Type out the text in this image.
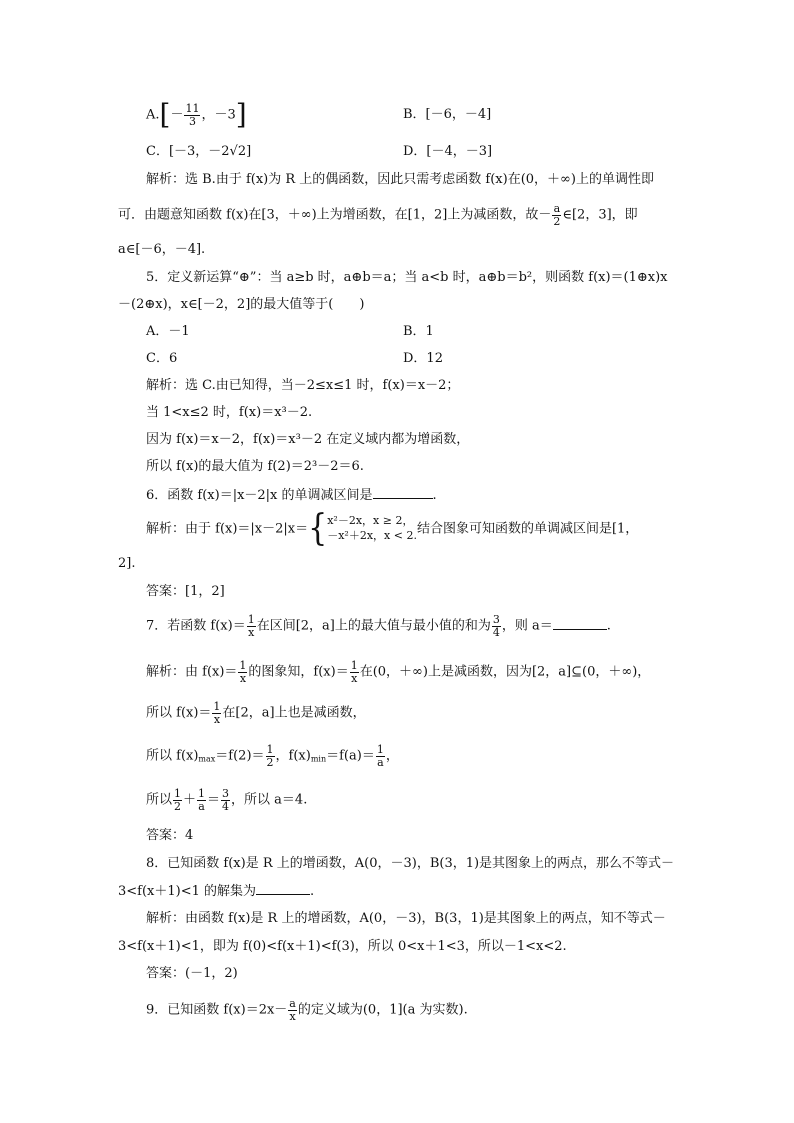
$A.[- \frac{11}{3}$ ，－3]	B．[－6，－4]
C．[－3，－2√2]	D．[－4，－3]
解析：选 B.由于 f(x)为 R 上的偶函数，因此只需考虑函数 f(x)在(0，＋∞)上的单调性即
可．由题意知函数 f(x)在[3，＋∞)上为增函数，在[1，2]上为减函数，故－ $\frac{a}{2}$ ∈[2，3]，即
a∈[－6，－4].
5．定义新运算“⊕”：当 a≥b 时，a⊕b＝a；当 a<b 时，a⊕b＝b²，则函数 f(x)＝(1⊕x)x
－(2⊕x)，x∈[－2，2]的最大值等于(　　)
A．－1	B．1
C．6	D．12
解析：选 C.由已知得，当－2≤x≤1 时，f(x)＝x－2；
当 1<x≤2 时，f(x)＝x³－2.
因为 f(x)＝x－2，f(x)＝x³－2 在定义域内都为增函数，
所以 f(x)的最大值为 f(2)＝2³－2＝6.
6．函数 f(x)＝|x－2|x 的单调减区间是	.
解析：由于 f(x)＝|x－2|x＝{ x²－2x，x ≥ 2，
－x²＋2x，x < 2. 结合图象可知函数的单调减区间是[1，
2].
答案：[1，2]
7．若函数 $f(x)= \frac{1}{x}$ 在区间[2，a]上的最大值与最小值的和为 $\frac{3}{4}$ ，则 a＝	.
解析：由 $f(x)= \frac{1}{x}$ 的图象知，$f(x)= \frac{1}{x}$ 在(0，＋∞)上是减函数，因为[2，a]⊆(0，＋∞)，
所以 $f(x)= \frac{1}{x}$ 在[2，a]上也是减函数，
所以 $f(x)_{max}=f(2)= \frac{1}{2}$ ，$f(x)_{min}=f(a)= \frac{1}{a}$ ，
所以 $\frac{1}{2} + \frac{1}{a} = \frac{3}{4}$ ，所以 a＝4.
答案：4
8．已知函数 f(x)是 R 上的增函数，A(0，－3)，B(3，1)是其图象上的两点，那么不等式－
3<f(x＋1)<1 的解集为	.
解析：由函数 f(x)是 R 上的增函数，A(0，－3)，B(3，1)是其图象上的两点，知不等式－
3<f(x＋1)<1，即为 f(0)<f(x＋1)<f(3)，所以 0<x＋1<3，所以－1<x<2.
答案：(－1，2)
9．已知函数 $f(x)=2x- \frac{a}{x}$ 的定义域为(0，1](a 为实数).
